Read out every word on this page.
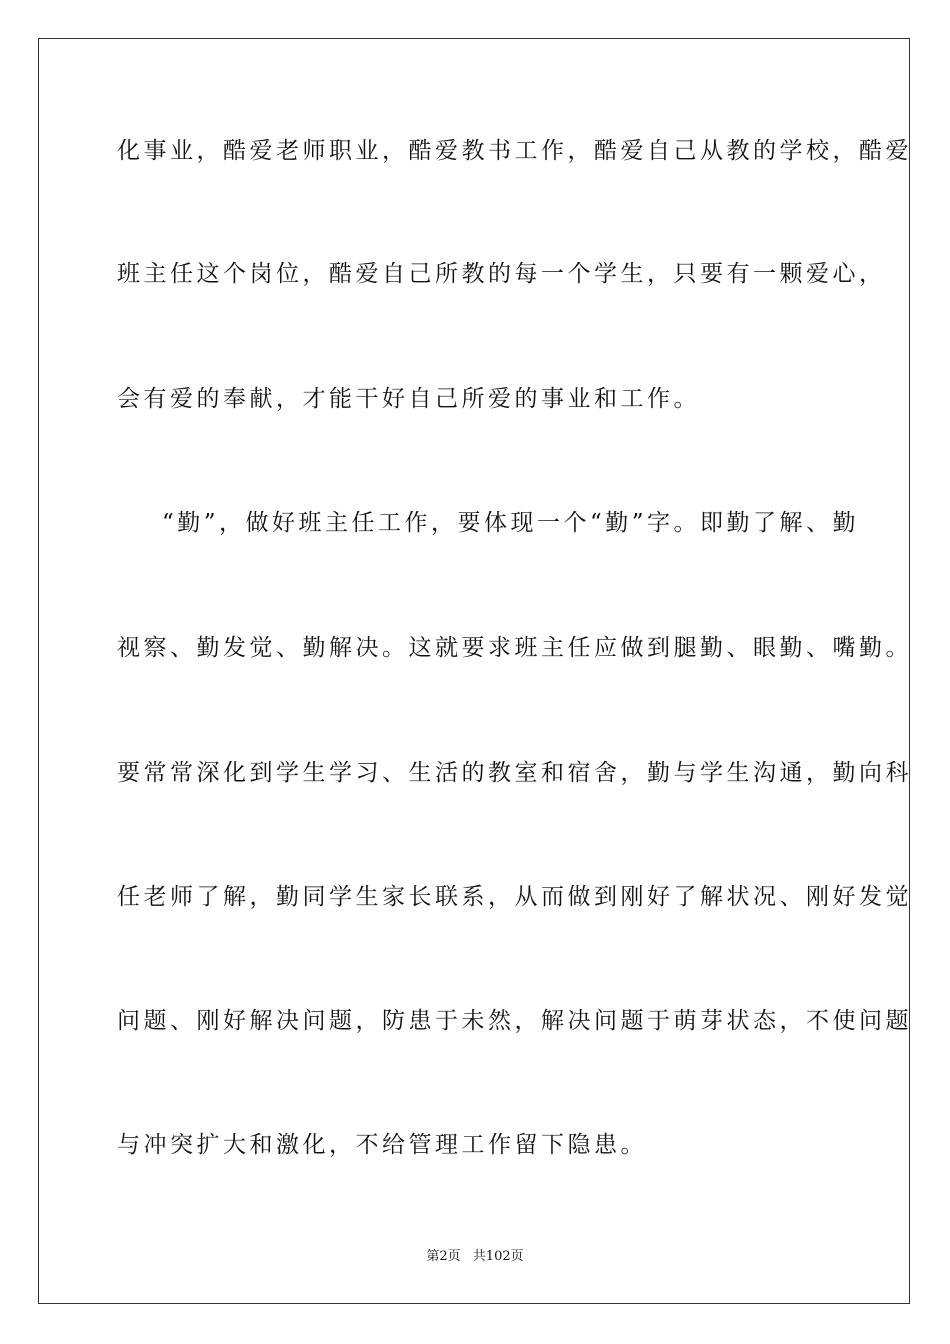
化事业，酷爱老师职业，酷爱教书工作，酷爱自己从教的学校，酷爱
班主任这个岗位，酷爱自己所教的每一个学生，只要有一颗爱心，
会有爱的奉献，才能干好自己所爱的事业和工作。
“勤”，做好班主任工作，要体现一个“勤”字。即勤了解、勤
视察、勤发觉、勤解决。这就要求班主任应做到腿勤、眼勤、嘴勤。
要常常深化到学生学习、生活的教室和宿舍，勤与学生沟通，勤向科
任老师了解，勤同学生家长联系，从而做到刚好了解状况、刚好发觉
问题、刚好解决问题，防患于未然，解决问题于萌芽状态，不使问题
与冲突扩大和激化，不给管理工作留下隐患。
第2页 共102页
